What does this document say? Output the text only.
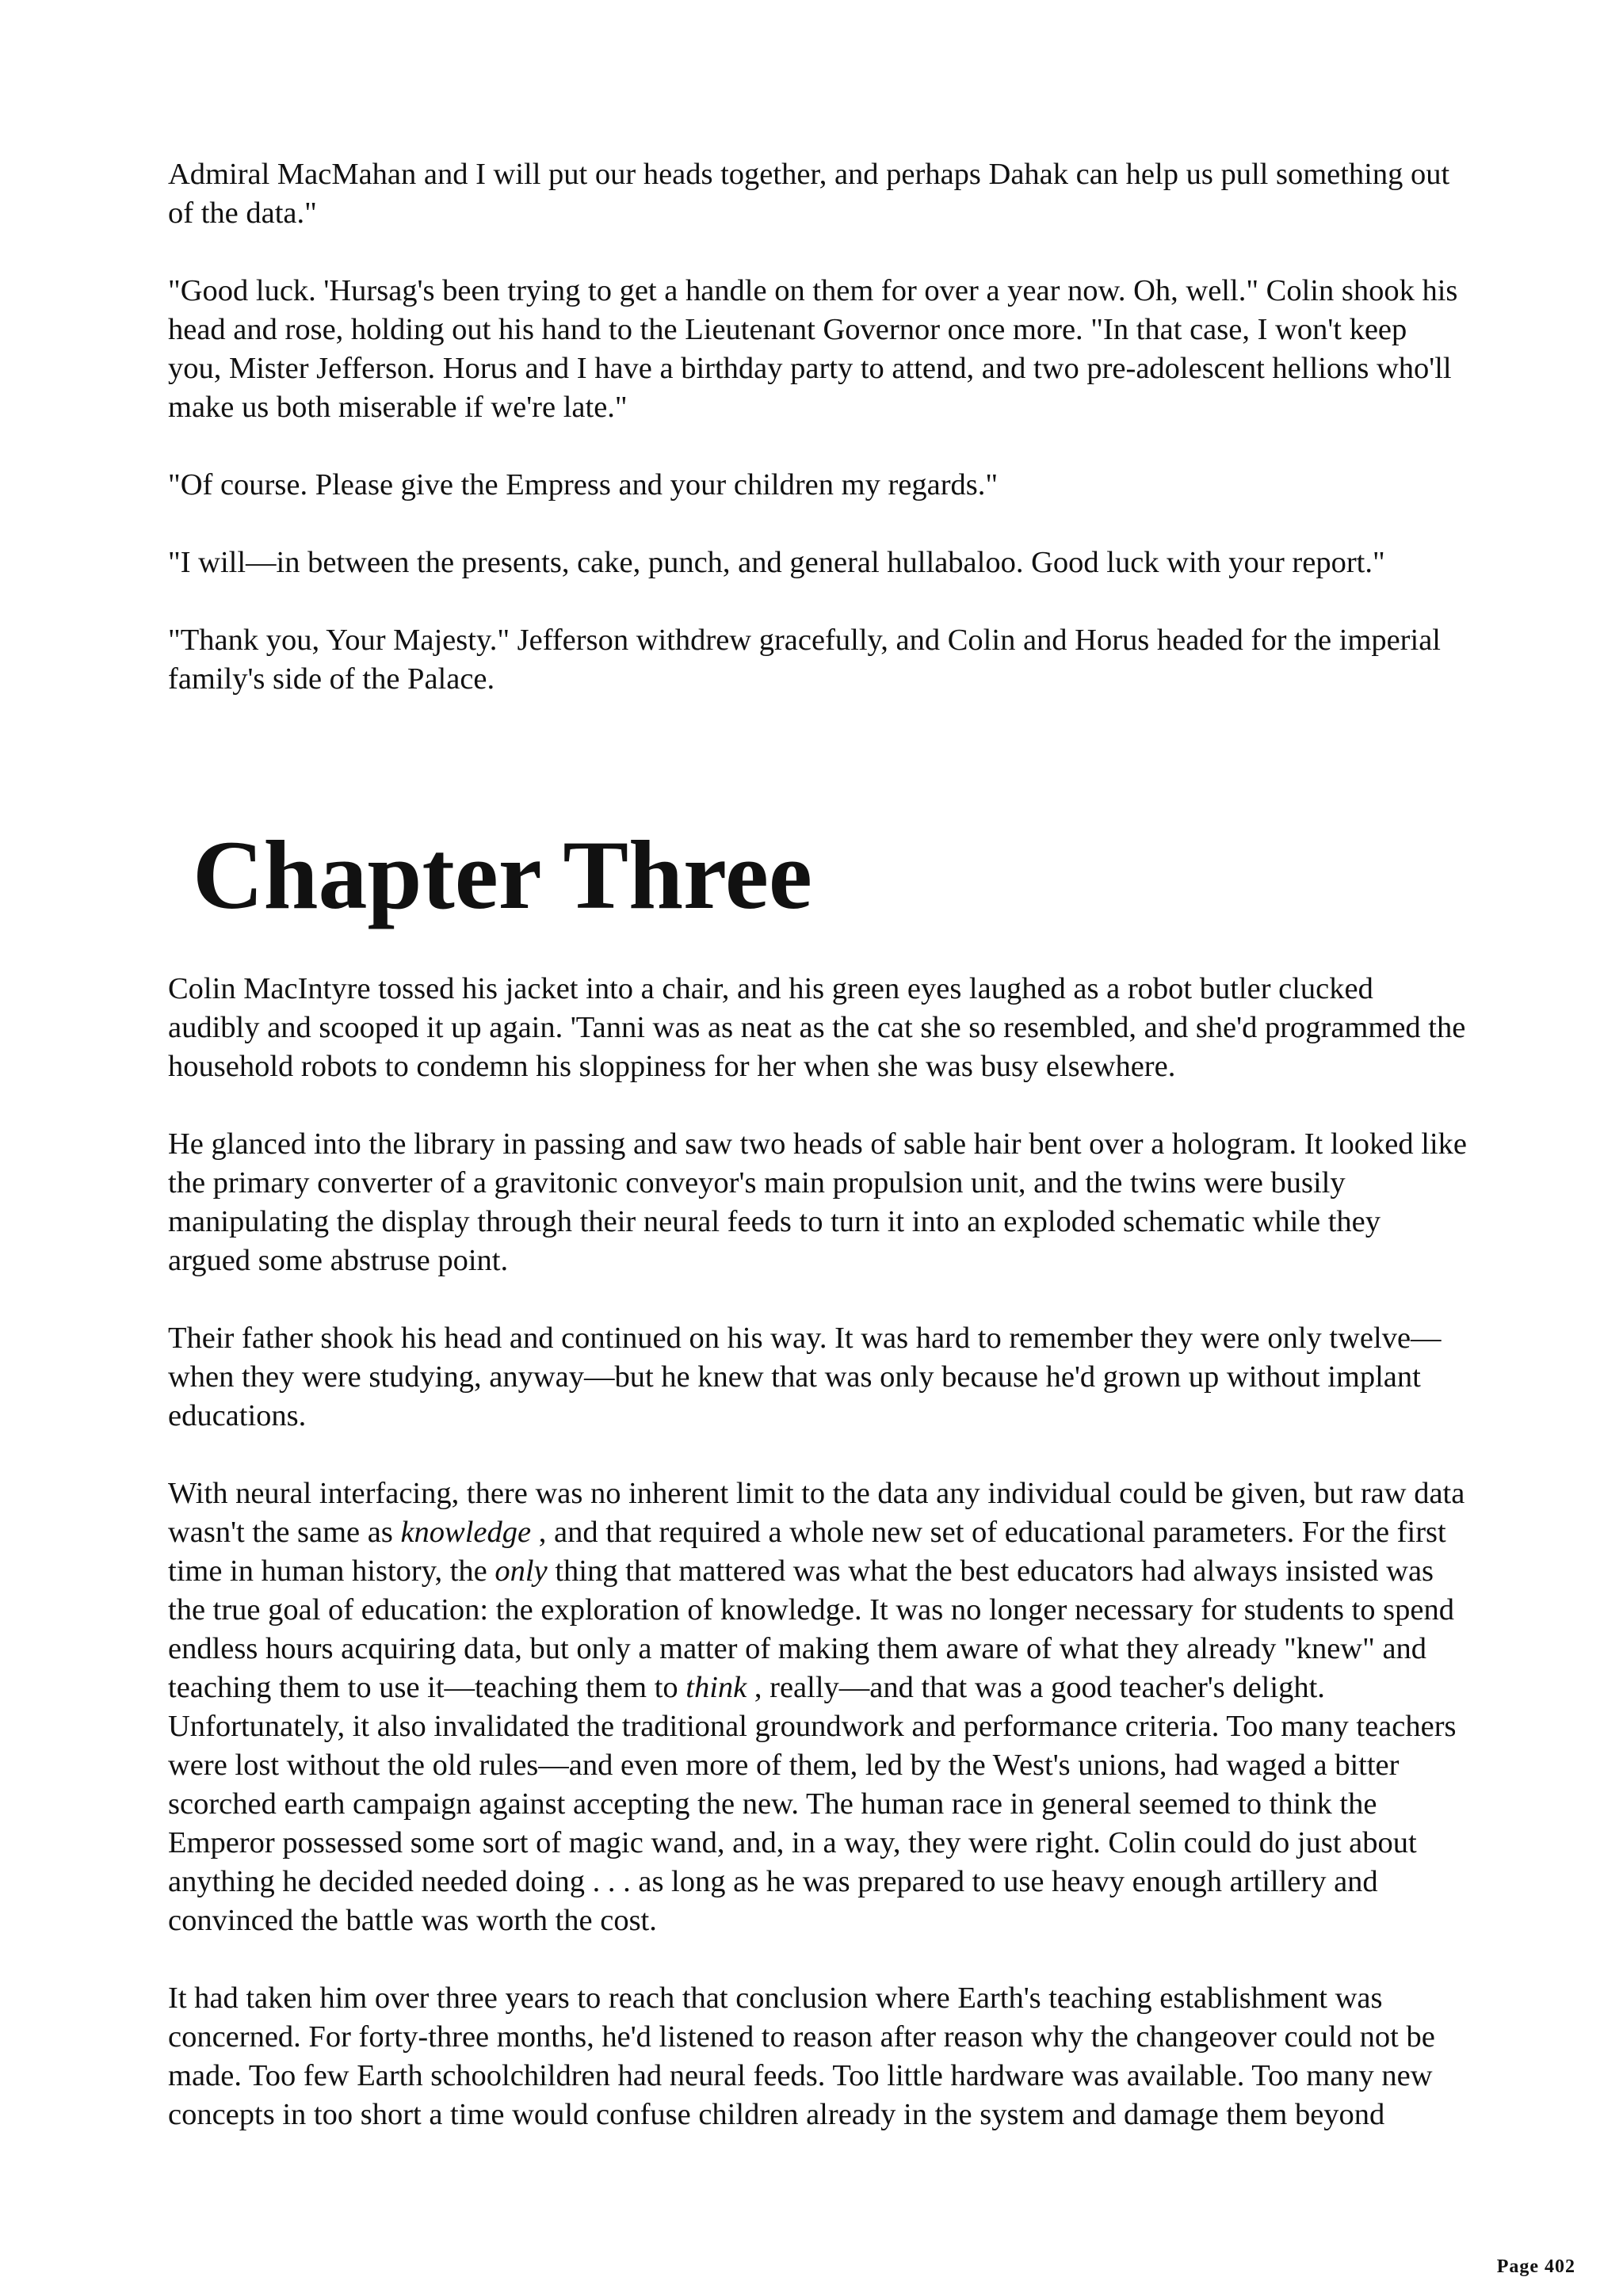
Admiral MacMahan and I will put our heads together, and perhaps Dahak can help us pull something out of the data."

"Good luck. 'Hursag's been trying to get a handle on them for over a year now. Oh, well." Colin shook his head and rose, holding out his hand to the Lieutenant Governor once more. "In that case, I won't keep you, Mister Jefferson. Horus and I have a birthday party to attend, and two pre-adolescent hellions who'll make us both miserable if we're late."

"Of course. Please give the Empress and your children my regards."

"I will—in between the presents, cake, punch, and general hullabaloo. Good luck with your report."

"Thank you, Your Majesty." Jefferson withdrew gracefully, and Colin and Horus headed for the imperial family's side of the Palace.

Chapter Three

Colin MacIntyre tossed his jacket into a chair, and his green eyes laughed as a robot butler clucked audibly and scooped it up again. 'Tanni was as neat as the cat she so resembled, and she'd programmed the household robots to condemn his sloppiness for her when she was busy elsewhere.

He glanced into the library in passing and saw two heads of sable hair bent over a hologram. It looked like the primary converter of a gravitonic conveyor's main propulsion unit, and the twins were busily manipulating the display through their neural feeds to turn it into an exploded schematic while they argued some abstruse point.

Their father shook his head and continued on his way. It was hard to remember they were only twelve—when they were studying, anyway—but he knew that was only because he'd grown up without implant educations.

With neural interfacing, there was no inherent limit to the data any individual could be given, but raw data wasn't the same as knowledge , and that required a whole new set of educational parameters. For the first time in human history, the only thing that mattered was what the best educators had always insisted was the true goal of education: the exploration of knowledge. It was no longer necessary for students to spend endless hours acquiring data, but only a matter of making them aware of what they already "knew" and teaching them to use it—teaching them to think , really—and that was a good teacher's delight. Unfortunately, it also invalidated the traditional groundwork and performance criteria. Too many teachers were lost without the old rules—and even more of them, led by the West's unions, had waged a bitter scorched earth campaign against accepting the new. The human race in general seemed to think the Emperor possessed some sort of magic wand, and, in a way, they were right. Colin could do just about anything he decided needed doing . . . as long as he was prepared to use heavy enough artillery and convinced the battle was worth the cost.

It had taken him over three years to reach that conclusion where Earth's teaching establishment was concerned. For forty-three months, he'd listened to reason after reason why the changeover could not be made. Too few Earth schoolchildren had neural feeds. Too little hardware was available. Too many new concepts in too short a time would confuse children already in the system and damage them beyond

Page 402
